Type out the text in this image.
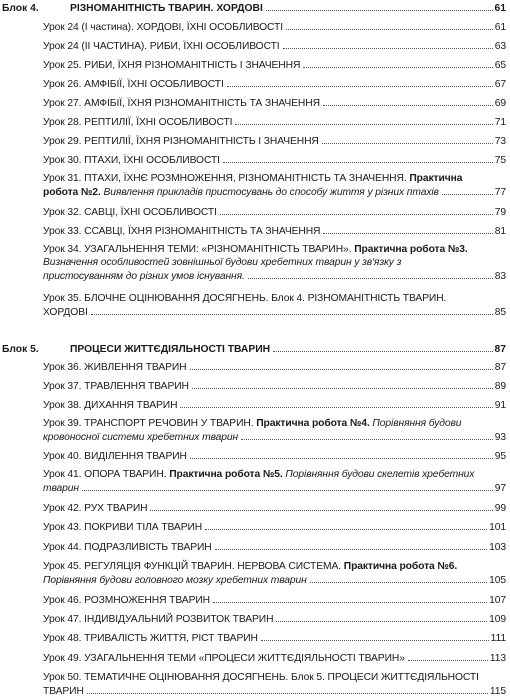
Блок 4.	РІЗНОМАНІТНІСТЬ ТВАРИН. ХОРДОВІ	61
Урок 24 (І частина). ХОРДОВІ, ЇХНІ ОСОБЛИВОСТІ	61
Урок 24 (ІІ ЧАСТИНА). РИБИ, ЇХНІ ОСОБЛИВОСТІ	63
Урок 25. РИБИ, ЇХНЯ РІЗНОМАНІТНІСТЬ І ЗНАЧЕННЯ	65
Урок 26. АМФІБІЇ, ЇХНІ ОСОБЛИВОСТІ	67
Урок 27. АМФІБІЇ, ЇХНЯ РІЗНОМАНІТНІСТЬ ТА ЗНАЧЕННЯ	69
Урок 28. РЕПТИЛІЇ, ЇХНІ ОСОБЛИВОСТІ	71
Урок 29. РЕПТИЛІЇ, ЇХНЯ РІЗНОМАНІТНІСТЬ І ЗНАЧЕННЯ	73
Урок 30. ПТАХИ, ЇХНІ ОСОБЛИВОСТІ	75
Урок 31. ПТАХИ, ЇХНЄ РОЗМНОЖЕННЯ, РІЗНОМАНІТНІСТЬ ТА ЗНАЧЕННЯ. Практична
робота №2.
Виявлення прикладів пристосувань до способу життя у різних птахів	77
Урок 32. САВЦІ, ЇХНІ ОСОБЛИВОСТІ	79
Урок 33. ССАВЦІ, ЇХНЯ РІЗНОМАНІТНІСТЬ ТА ЗНАЧЕННЯ	81
Урок 34. УЗАГАЛЬНЕННЯ ТЕМИ: «РІЗНОМАНІТНІСТЬ ТВАРИН». Практична робота №3.
Визначення особливостей зовнішньої будови хребетних тварин у зв'язку з
пристосуванням до різних умов існування.	83
Урок 35. БЛОЧНЕ ОЦІНЮВАННЯ ДОСЯГНЕНЬ. Блок 4. РІЗНОМАНІТНІСТЬ ТВАРИН.
ХОРДОВІ	85
Блок 5.	ПРОЦЕСИ ЖИТТЄДІЯЛЬНОСТІ ТВАРИН	87
Урок 36. ЖИВЛЕННЯ ТВАРИН	87
Урок 37. ТРАВЛЕННЯ ТВАРИН	89
Урок 38. ДИХАННЯ ТВАРИН	91
Урок 39. ТРАНСПОРТ РЕЧОВИН У ТВАРИН. Практична робота №4. Порівняння будови
кровоносної системи хребетних тварин	93
Урок 40. ВИДІЛЕННЯ ТВАРИН	95
Урок 41. ОПОРА ТВАРИН. Практична робота №5. Порівняння будови скелетів хребетних
тварин	97
Урок 42. РУХ ТВАРИН	99
Урок 43. ПОКРИВИ ТІЛА ТВАРИН	101
Урок 44. ПОДРАЗЛИВІСТЬ ТВАРИН	103
Урок 45. РЕГУЛЯЦІЯ ФУНКЦІЙ ТВАРИН. НЕРВОВА СИСТЕМА. Практична робота №6.
Порівняння будови головного мозку хребетних тварин	105
Урок 46. РОЗМНОЖЕННЯ ТВАРИН	107
Урок 47. ІНДИВІДУАЛЬНИЙ РОЗВИТОК ТВАРИН	109
Урок 48. ТРИВАЛІСТЬ ЖИТТЯ, РІСТ ТВАРИН	111
Урок 49. УЗАГАЛЬНЕННЯ ТЕМИ «ПРОЦЕСИ ЖИТТЄДІЯЛЬНОСТІ ТВАРИН»	113
Урок 50. ТЕМАТИЧНЕ ОЦІНЮВАННЯ ДОСЯГНЕНЬ. Блок 5. ПРОЦЕСИ ЖИТТЄДІЯЛЬНОСТІ
ТВАРИН	115
